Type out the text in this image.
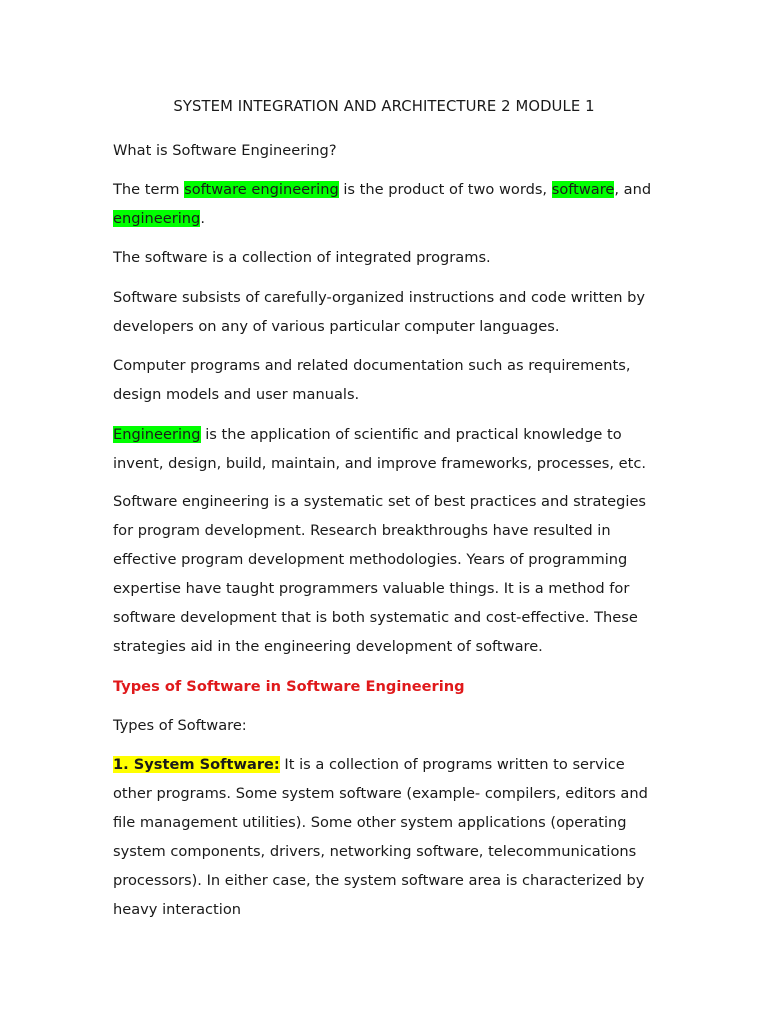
SYSTEM INTEGRATION AND ARCHITECTURE 2 MODULE 1
What is Software Engineering?
The term software engineering is the product of two words, software, and
engineering.
The software is a collection of integrated programs.
Software subsists of carefully-organized instructions and code written by developers on any of various particular computer languages.
Computer programs and related documentation such as requirements, design models and user manuals.
Engineering is the application of scientific and practical knowledge to invent, design, build, maintain, and improve frameworks, processes, etc.
Software engineering is a systematic set of best practices and strategies for program development. Research breakthroughs have resulted in effective program development methodologies. Years of programming expertise have taught programmers valuable things. It is a method for software development that is both systematic and cost-effective. These strategies aid in the engineering development of software.
Types of Software in Software Engineering
Types of Software:
1. System Software: It is a collection of programs written to service other programs. Some system software (example- compilers, editors and file management utilities). Some other system applications (operating system components, drivers, networking software, telecommunications processors). In either case, the system software area is characterized by heavy interaction
